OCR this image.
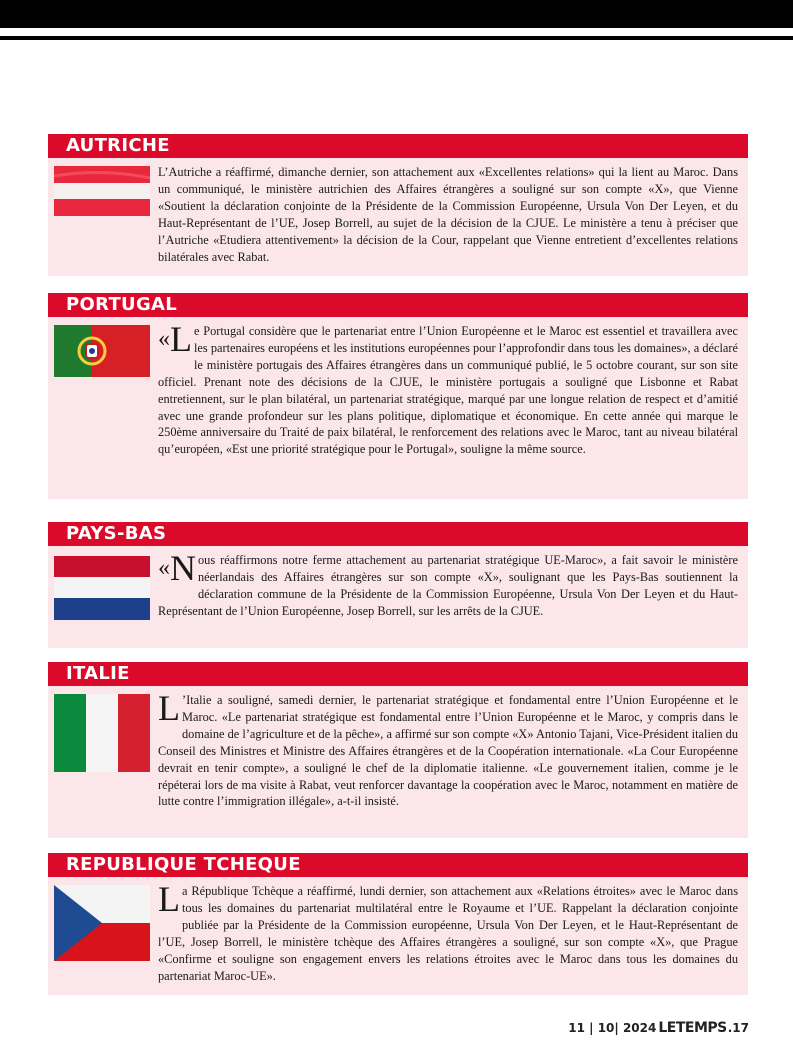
AUTRICHE

L’Autriche a réaffirmé, dimanche dernier, son attachement aux «Excellentes relations» qui la lient au Maroc. Dans un communiqué, le ministère autrichien des Affaires étrangères a souligné sur son compte «X», que Vienne «Soutient la déclaration conjointe de la Présidente de la Commission Européenne, Ursula Von Der Leyen, et du Haut-Représentant de l’UE, Josep Borrell, au sujet de la décision de la CJUE. Le ministère a tenu à préciser que l’Autriche «Etudiera attentivement» la décision de la Cour, rappelant que Vienne entretient d’excellentes relations bilatérales avec Rabat.

PORTUGAL
«L e Portugal considère que le partenariat entre l’Union Européenne et le Maroc est essentiel et travaillera avec les partenaires européens et les institutions européennes pour l’approfondir dans tous les domaines», a déclaré le ministère portugais des Affaires étrangères dans un communiqué publié, le 5 octobre courant, sur son site officiel. Prenant note des décisions de la CJUE, le ministère portugais a souligné que Lisbonne et Rabat entretiennent, sur le plan bilatéral, un partenariat stratégique, marqué par une longue relation de respect et d’amitié avec une grande profondeur sur les plans politique, diplomatique et économique. En cette année qui marque le 250ème anniversaire du Traité de paix bilatéral, le renforcement des relations avec le Maroc, tant au niveau bilatéral qu’européen, «Est une priorité stratégique pour le Portugal», souligne la même source.
PAYS-BAS
«N ous réaffirmons notre ferme attachement au partenariat stratégique UE-Maroc», a fait savoir le ministère néerlandais des Affaires étrangères sur son compte «X», soulignant que les Pays-Bas soutiennent la déclaration commune de la Présidente de la Commission Européenne, Ursula Von Der Leyen et du Haut-Représentant de l’Union Européenne, Josep Borrell, sur les arrêts de la CJUE.
ITALIE
L ’Italie a souligné, samedi dernier, le partenariat stratégique et fondamental entre l’Union Européenne et le Maroc. «Le partenariat stratégique est fondamental entre l’Union Européenne et le Maroc, y compris dans le domaine de l’agriculture et de la pêche», a affirmé sur son compte «X» Antonio Tajani, Vice-Président italien du Conseil des Ministres et Ministre des Affaires étrangères et de la Coopération internationale. «La Cour Européenne devrait en tenir compte», a souligné le chef de la diplomatie italienne. «Le gouvernement italien, comme je le répéterai lors de ma visite à Rabat, veut renforcer davantage la coopération avec le Maroc, notamment en matière de lutte contre l’immigration illégale», a-t-il insisté.
REPUBLIQUE TCHEQUE
L a République Tchèque a réaffirmé, lundi dernier, son attachement aux «Relations étroites» avec le Maroc dans tous les domaines du partenariat multilatéral entre le Royaume et l’UE. Rappelant la déclaration conjointe publiée par la Présidente de la Commission européenne, Ursula Von Der Leyen, et le Haut-Représentant de l’UE, Josep Borrell, le ministère tchèque des Affaires étrangères a souligné, sur son compte «X», que Prague «Confirme et souligne son engagement envers les relations étroites avec le Maroc dans tous les domaines du partenariat Maroc-UE».
11 | 10| 2024 LETEMPS .17
